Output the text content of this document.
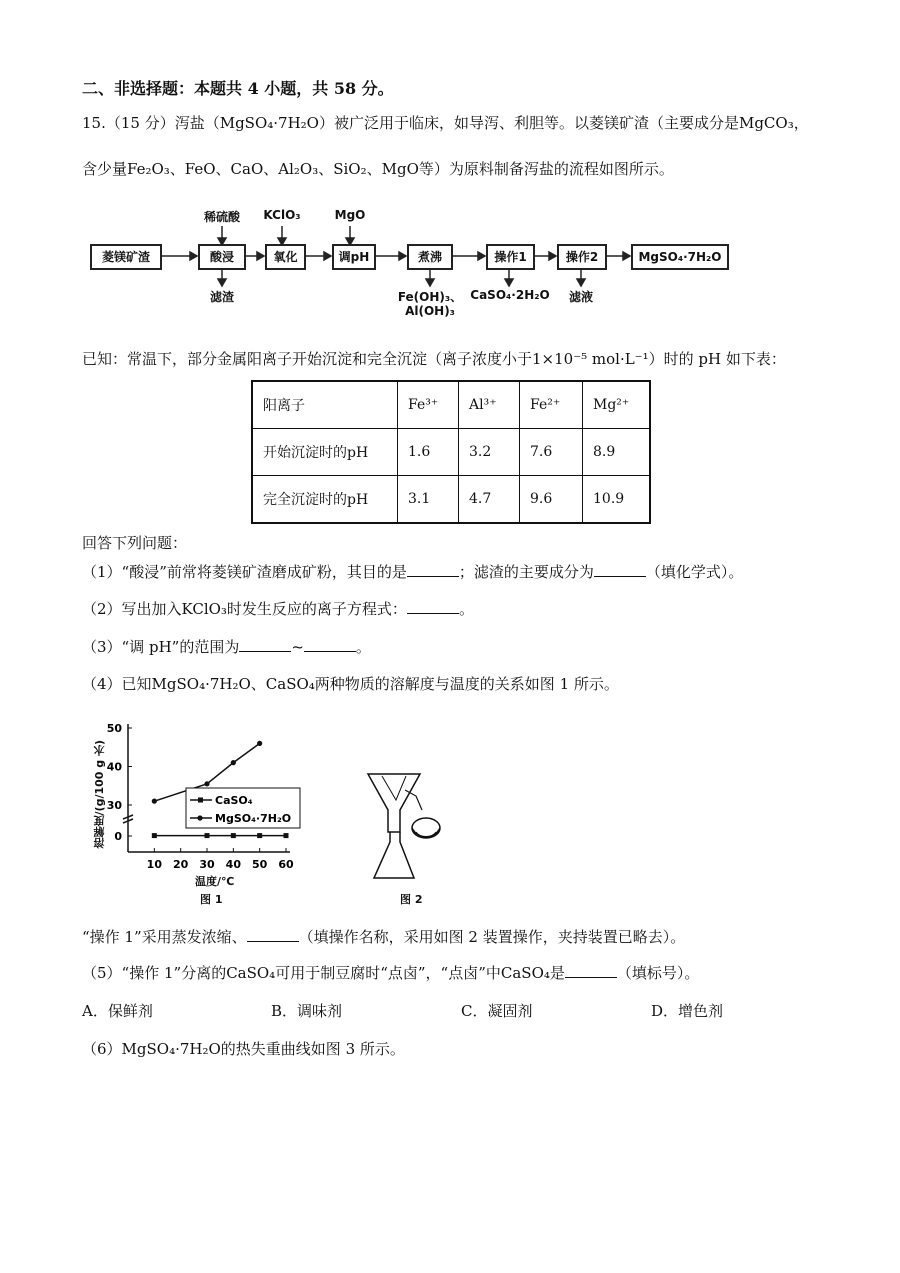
二、非选择题：本题共 4 小题，共 58 分。
15.（15 分）泻盐（MgSO₄·7H₂O）被广泛用于临床，如导泻、利胆等。以菱镁矿渣（主要成分是MgCO₃，
含少量Fe₂O₃、FeO、CaO、Al₂O₃、SiO₂、MgO等）为原料制备泻盐的流程如图所示。
菱镁矿渣	酸浸	氧化	调pH	煮沸	操作1	操作2	MgSO₄·7H₂O
稀硫酸	KClO₃	MgO
滤渣	Fe(OH)₃、
Al(OH)₃
CaSO₄·2H₂O	滤液
已知：常温下，部分金属阳离子开始沉淀和完全沉淀（离子浓度小于1×10⁻⁵ mol·L⁻¹）时的 pH 如下表：
阳离子	Fe³⁺	Al³⁺	Fe²⁺	Mg²⁺
开始沉淀时的pH	1.6	3.2	7.6	8.9
完全沉淀时的pH	3.1	4.7	9.6	10.9
回答下列问题：
（1）“酸浸”前常将菱镁矿渣磨成矿粉，其目的是	；滤渣的主要成分为	（填化学式）。
（2）写出加入KClO₃时发生反应的离子方程式：	。
（3）“调 pH”的范围为	~	。
（4）已知MgSO₄·7H₂O、CaSO₄两种物质的溶解度与温度的关系如图 1 所示。
0
30
40
50
10 20 30 40 50 60
CaSO₄
MgSO₄·7H₂O
溶解度/(g/100 g 水)
温度/℃
图 1	图 2
“操作 1”采用蒸发浓缩、	（填操作名称，采用如图 2 装置操作，夹持装置已略去）。
（5）“操作 1”分离的CaSO₄可用于制豆腐时“点卤”，“点卤”中CaSO₄是	（填标号）。
A．保鲜剂	B．调味剂	C．凝固剂	D．增色剂
（6）MgSO₄·7H₂O的热失重曲线如图 3 所示。
